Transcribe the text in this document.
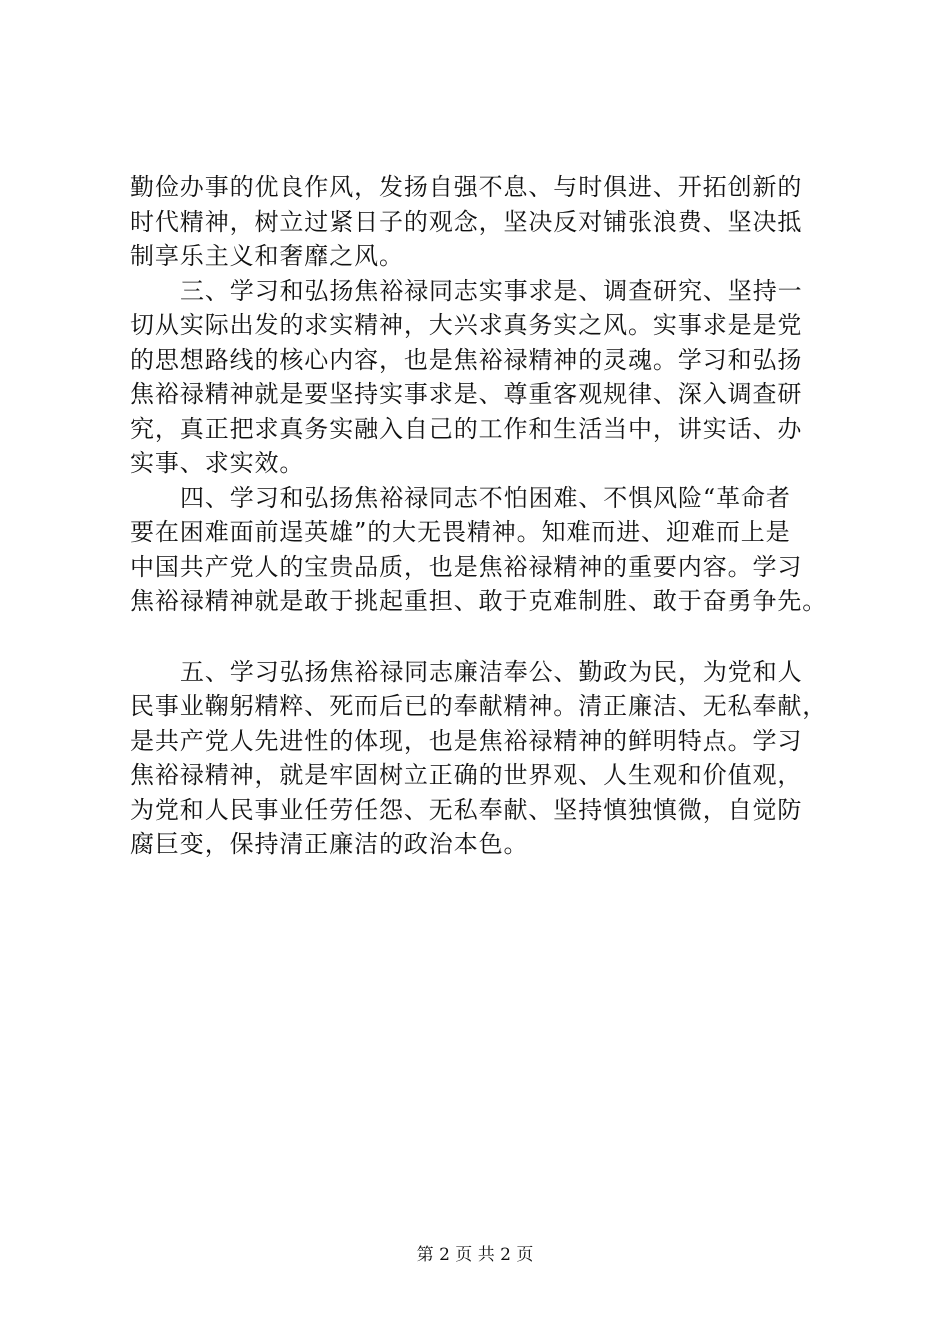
勤俭办事的优良作风，发扬自强不息、与时俱进、开拓创新的
时代精神，树立过紧日子的观念，坚决反对铺张浪费、坚决抵
制享乐主义和奢靡之风。
三、学习和弘扬焦裕禄同志实事求是、调查研究、坚持一
切从实际出发的求实精神，大兴求真务实之风。实事求是是党
的思想路线的核心内容，也是焦裕禄精神的灵魂。学习和弘扬
焦裕禄精神就是要坚持实事求是、尊重客观规律、深入调查研
究，真正把求真务实融入自己的工作和生活当中，讲实话、办
实事、求实效。
四、学习和弘扬焦裕禄同志不怕困难、不惧风险“革命者
要在困难面前逞英雄”的大无畏精神。知难而进、迎难而上是
中国共产党人的宝贵品质，也是焦裕禄精神的重要内容。学习
焦裕禄精神就是敢于挑起重担、敢于克难制胜、敢于奋勇争先。
五、学习弘扬焦裕禄同志廉洁奉公、勤政为民，为党和人
民事业鞠躬精粹、死而后已的奉献精神。清正廉洁、无私奉献，
是共产党人先进性的体现，也是焦裕禄精神的鲜明特点。学习
焦裕禄精神，就是牢固树立正确的世界观、人生观和价值观，
为党和人民事业任劳任怨、无私奉献、坚持慎独慎微，自觉防
腐巨变，保持清正廉洁的政治本色。
第 2 页 共 2 页
